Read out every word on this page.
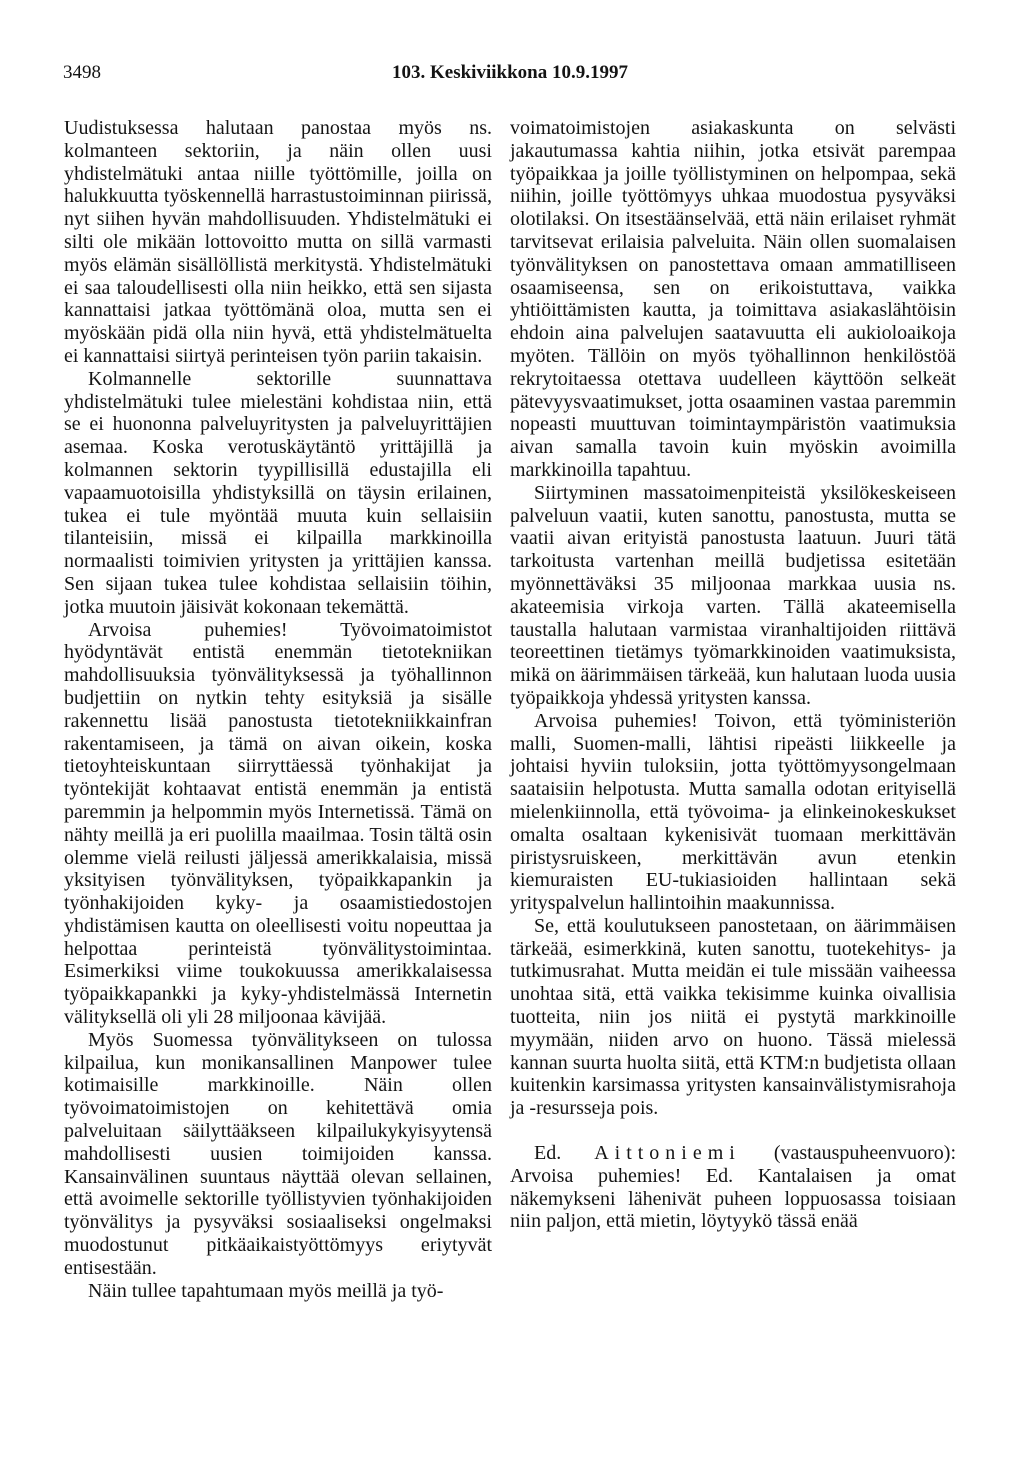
3498	103. Keskiviikkona 10.9.1997

Uudistuksessa halutaan panostaa myös ns. kolmanteen sektoriin, ja näin ollen uusi yhdistelmätuki antaa niille työttömille, joilla on halukkuutta työskennellä harrastustoiminnan piirissä, nyt siihen hyvän mahdollisuuden. Yhdistelmätuki ei silti ole mikään lottovoitto mutta on sillä varmasti myös elämän sisällöllistä merkitystä. Yhdistelmätuki ei saa taloudellisesti olla niin heikko, että sen sijasta kannattaisi jatkaa työttömänä oloa, mutta sen ei myöskään pidä olla niin hyvä, että yhdistelmätuelta ei kannattaisi siirtyä perinteisen työn pariin takaisin.

Kolmannelle sektorille suunnattava yhdistelmätuki tulee mielestäni kohdistaa niin, että se ei huononna palveluyritysten ja palveluyrittäjien asemaa. Koska verotuskäytäntö yrittäjillä ja kolmannen sektorin tyypillisillä edustajilla eli vapaamuotoisilla yhdistyksillä on täysin erilainen, tukea ei tule myöntää muuta kuin sellaisiin tilanteisiin, missä ei kilpailla markkinoilla normaalisti toimivien yritysten ja yrittäjien kanssa. Sen sijaan tukea tulee kohdistaa sellaisiin töihin, jotka muutoin jäisivät kokonaan tekemättä.

Arvoisa puhemies! Työvoimatoimistot hyödyntävät entistä enemmän tietotekniikan mahdollisuuksia työnvälityksessä ja työhallinnon budjettiin on nytkin tehty esityksiä ja sisälle rakennettu lisää panostusta tietotekniikkainfran rakentamiseen, ja tämä on aivan oikein, koska tietoyhteiskuntaan siirryttäessä työnhakijat ja työntekijät kohtaavat entistä enemmän ja entistä paremmin ja helpommin myös Internetissä. Tämä on nähty meillä ja eri puolilla maailmaa. Tosin tältä osin olemme vielä reilusti jäljessä amerikkalaisia, missä yksityisen työnvälityksen, työpaikkapankin ja työnhakijoiden kyky- ja osaamistiedostojen yhdistämisen kautta on oleellisesti voitu nopeuttaa ja helpottaa perinteistä työnvälitystoimintaa. Esimerkiksi viime toukokuussa amerikkalaisessa työpaikkapankki ja kyky-yhdistelmässä Internetin välityksellä oli yli 28 miljoonaa kävijää.

Myös Suomessa työnvälitykseen on tulossa kilpailua, kun monikansallinen Manpower tulee kotimaisille markkinoille. Näin ollen työvoimatoimistojen on kehitettävä omia palveluitaan säilyttääkseen kilpailukykyisyytensä mahdollisesti uusien toimijoiden kanssa. Kansainvälinen suuntaus näyttää olevan sellainen, että avoimelle sektorille työllistyvien työnhakijoiden työnvälitys ja pysyväksi sosiaaliseksi ongelmaksi muodostunut pitkäaikaistyöttömyys eriytyvät entisestään.

Näin tullee tapahtumaan myös meillä ja työ-

voimatoimistojen asiakaskunta on selvästi jakautumassa kahtia niihin, jotka etsivät parempaa työpaikkaa ja joille työllistyminen on helpompaa, sekä niihin, joille työttömyys uhkaa muodostua pysyväksi olotilaksi. On itsestäänselvää, että näin erilaiset ryhmät tarvitsevat erilaisia palveluita. Näin ollen suomalaisen työnvälityksen on panostettava omaan ammatilliseen osaamiseensa, sen on erikoistuttava, vaikka yhtiöittämisten kautta, ja toimittava asiakaslähtöisin ehdoin aina palvelujen saatavuutta eli aukioloaikoja myöten. Tällöin on myös työhallinnon henkilöstöä rekrytoitaessa otettava uudelleen käyttöön selkeät pätevyysvaatimukset, jotta osaaminen vastaa paremmin nopeasti muuttuvan toimintaympäristön vaatimuksia aivan samalla tavoin kuin myöskin avoimilla markkinoilla tapahtuu.

Siirtyminen massatoimenpiteistä yksilökeskeiseen palveluun vaatii, kuten sanottu, panostusta, mutta se vaatii aivan erityistä panostusta laatuun. Juuri tätä tarkoitusta vartenhan meillä budjetissa esitetään myönnettäväksi 35 miljoonaa markkaa uusia ns. akateemisia virkoja varten. Tällä akateemisella taustalla halutaan varmistaa viranhaltijoiden riittävä teoreettinen tietämys työmarkkinoiden vaatimuksista, mikä on äärimmäisen tärkeää, kun halutaan luoda uusia työpaikkoja yhdessä yritysten kanssa.

Arvoisa puhemies! Toivon, että työministeriön malli, Suomen-malli, lähtisi ripeästi liikkeelle ja johtaisi hyviin tuloksiin, jotta työttömyysongelmaan saataisiin helpotusta. Mutta samalla odotan erityisellä mielenkiinnolla, että työvoima- ja elinkeinokeskukset omalta osaltaan kykenisivät tuomaan merkittävän piristysruiskeen, merkittävän avun etenkin kiemuraisten EU-tukiasioiden hallintaan sekä yrityspalvelun hallintoihin maakunnissa.

Se, että koulutukseen panostetaan, on äärimmäisen tärkeää, esimerkkinä, kuten sanottu, tuotekehitys- ja tutkimusrahat. Mutta meidän ei tule missään vaiheessa unohtaa sitä, että vaikka tekisimme kuinka oivallisia tuotteita, niin jos niitä ei pystytä markkinoille myymään, niiden arvo on huono. Tässä mielessä kannan suurta huolta siitä, että KTM:n budjetista ollaan kuitenkin karsimassa yritysten kansainvälistymisrahoja ja -resursseja pois.

Ed. Aittoniemi (vastauspuheenvuoro): Arvoisa puhemies! Ed. Kantalaisen ja omat näkemykseni lähenivät puheen loppuosassa toisiaan niin paljon, että mietin, löytyykö tässä enää
